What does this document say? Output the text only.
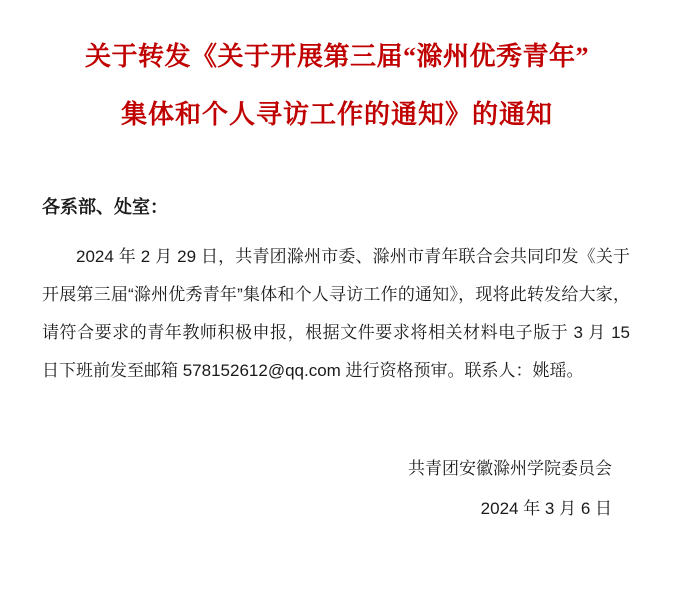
关于转发《关于开展第三届“滁州优秀青年”
集体和个人寻访工作的通知》的通知

各系部、处室：

2024 年 2 月 29 日，共青团滁州市委、滁州市青年联合会共同印发《关于开展第三届“滁州优秀青年”集体和个人寻访工作的通知》，现将此转发给大家，请符合要求的青年教师积极申报，根据文件要求将相关材料电子版于 3 月 15 日下班前发至邮箱 578152612@qq.com 进行资格预审。联系人：姚瑶。

共青团安徽滁州学院委员会
2024 年 3 月 6 日
